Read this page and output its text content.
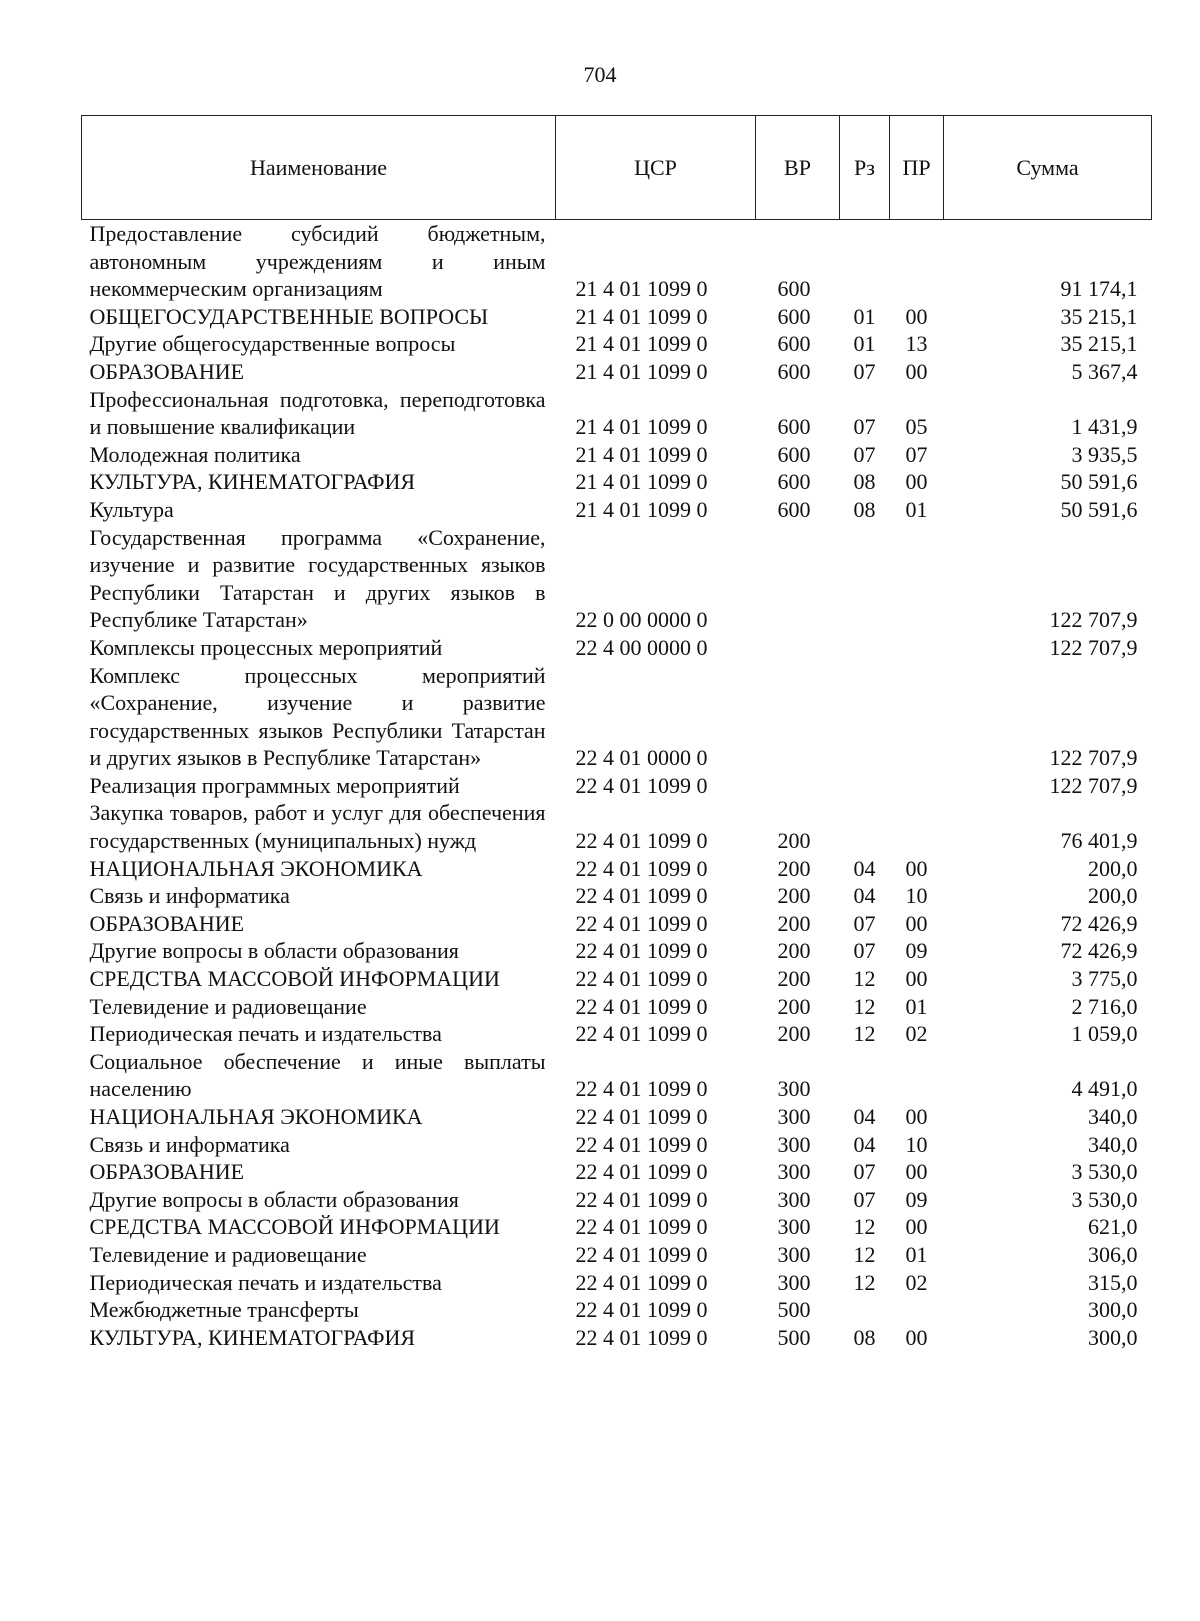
704
Наименование	ЦСР	ВР	Рз	ПР	Сумма
Предоставление субсидий бюджетным, автономным учреждениям и иным некоммерческим организациям	21 4 01 1099 0	600			91 174,1
ОБЩЕГОСУДАРСТВЕННЫЕ ВОПРОСЫ	21 4 01 1099 0	600	01	00	35 215,1
Другие общегосударственные вопросы	21 4 01 1099 0	600	01	13	35 215,1
ОБРАЗОВАНИЕ	21 4 01 1099 0	600	07	00	5 367,4
Профессиональная подготовка, переподготовка и повышение квалификации	21 4 01 1099 0	600	07	05	1 431,9
Молодежная политика	21 4 01 1099 0	600	07	07	3 935,5
КУЛЬТУРА, КИНЕМАТОГРАФИЯ	21 4 01 1099 0	600	08	00	50 591,6
Культура	21 4 01 1099 0	600	08	01	50 591,6
Государственная программа «Сохранение, изучение и развитие государственных языков Республики Татарстан и других языков в Республике Татарстан»	22 0 00 0000 0				122 707,9
Комплексы процессных мероприятий	22 4 00 0000 0				122 707,9
Комплекс процессных мероприятий «Сохранение, изучение и развитие государственных языков Республики Татарстан и других языков в Республике Татарстан»	22 4 01 0000 0				122 707,9
Реализация программных мероприятий	22 4 01 1099 0				122 707,9
Закупка товаров, работ и услуг для обеспечения государственных (муниципальных) нужд	22 4 01 1099 0	200			76 401,9
НАЦИОНАЛЬНАЯ ЭКОНОМИКА	22 4 01 1099 0	200	04	00	200,0
Связь и информатика	22 4 01 1099 0	200	04	10	200,0
ОБРАЗОВАНИЕ	22 4 01 1099 0	200	07	00	72 426,9
Другие вопросы в области образования	22 4 01 1099 0	200	07	09	72 426,9
СРЕДСТВА МАССОВОЙ ИНФОРМАЦИИ	22 4 01 1099 0	200	12	00	3 775,0
Телевидение и радиовещание	22 4 01 1099 0	200	12	01	2 716,0
Периодическая печать и издательства	22 4 01 1099 0	200	12	02	1 059,0
Социальное обеспечение и иные выплаты населению	22 4 01 1099 0	300			4 491,0
НАЦИОНАЛЬНАЯ ЭКОНОМИКА	22 4 01 1099 0	300	04	00	340,0
Связь и информатика	22 4 01 1099 0	300	04	10	340,0
ОБРАЗОВАНИЕ	22 4 01 1099 0	300	07	00	3 530,0
Другие вопросы в области образования	22 4 01 1099 0	300	07	09	3 530,0
СРЕДСТВА МАССОВОЙ ИНФОРМАЦИИ	22 4 01 1099 0	300	12	00	621,0
Телевидение и радиовещание	22 4 01 1099 0	300	12	01	306,0
Периодическая печать и издательства	22 4 01 1099 0	300	12	02	315,0
Межбюджетные трансферты	22 4 01 1099 0	500			300,0
КУЛЬТУРА, КИНЕМАТОГРАФИЯ	22 4 01 1099 0	500	08	00	300,0
